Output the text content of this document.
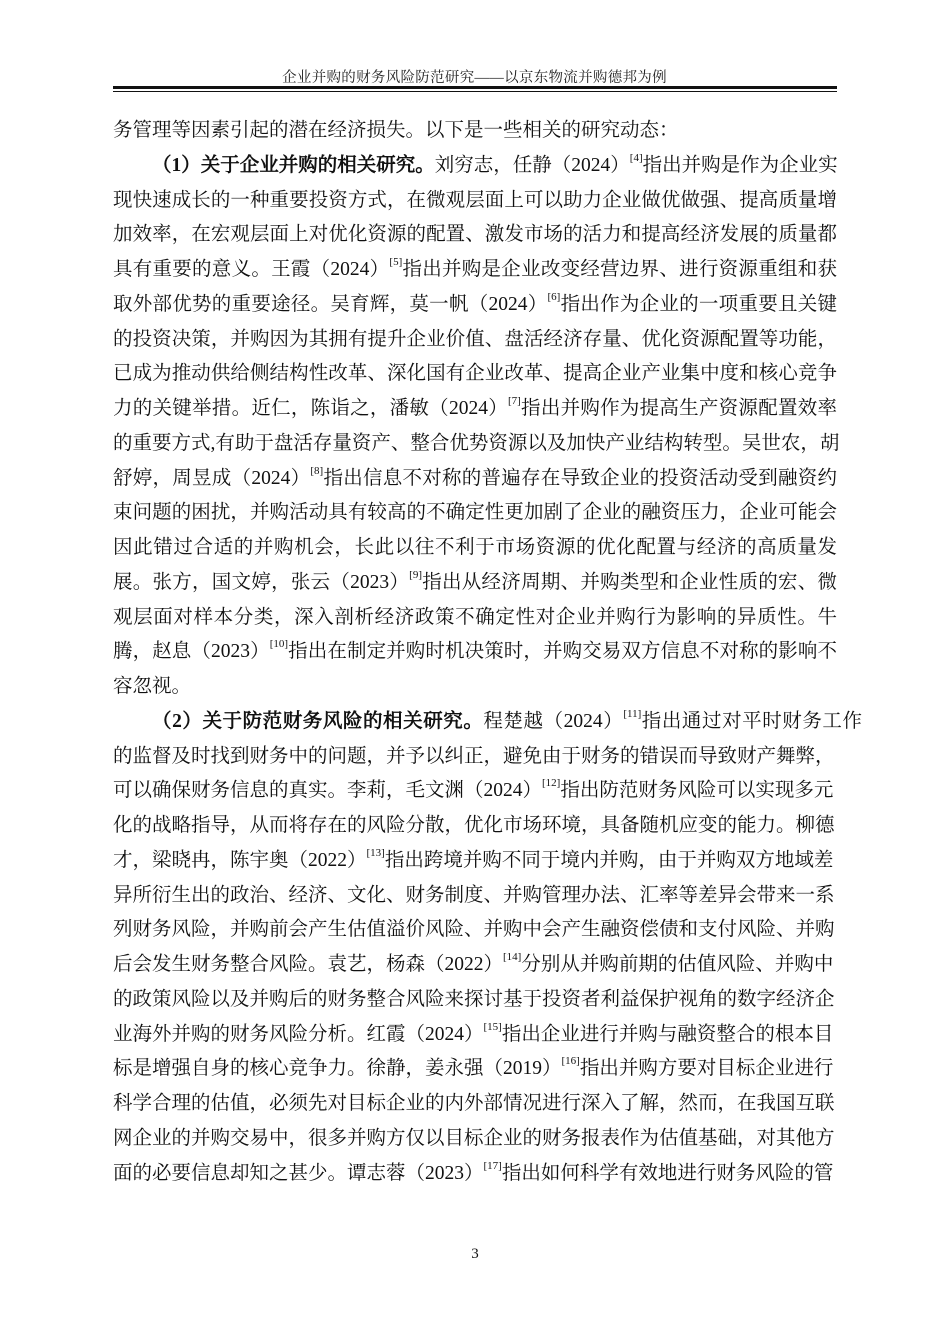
企业并购的财务风险防范研究——以京东物流并购德邦为例
务管理等因素引起的潜在经济损失。以下是一些相关的研究动态：
（1）关于企业并购的相关研究。刘穷志，任静（2024）[4]指出并购是作为企业实
现快速成长的一种重要投资方式，在微观层面上可以助力企业做优做强、提高质量增
加效率，在宏观层面上对优化资源的配置、激发市场的活力和提高经济发展的质量都
具有重要的意义。王霞（2024）[5]指出并购是企业改变经营边界、进行资源重组和获
取外部优势的重要途径。吴育辉，莫一帆（2024）[6]指出作为企业的一项重要且关键
的投资决策，并购因为其拥有提升企业价值、盘活经济存量、优化资源配置等功能，
已成为推动供给侧结构性改革、深化国有企业改革、提高企业产业集中度和核心竞争
力的关键举措。近仁，陈诣之，潘敏（2024）[7]指出并购作为提高生产资源配置效率
的重要方式,有助于盘活存量资产、整合优势资源以及加快产业结构转型。吴世农，胡
舒婷，周昱成（2024）[8]指出信息不对称的普遍存在导致企业的投资活动受到融资约
束问题的困扰，并购活动具有较高的不确定性更加剧了企业的融资压力，企业可能会
因此错过合适的并购机会，长此以往不利于市场资源的优化配置与经济的高质量发
展。张方，国文婷，张云（2023）[9]指出从经济周期、并购类型和企业性质的宏、微
观层面对样本分类，深入剖析经济政策不确定性对企业并购行为影响的异质性。牛
腾，赵息（2023）[10]指出在制定并购时机决策时，并购交易双方信息不对称的影响不
容忽视。
（2）关于防范财务风险的相关研究。程楚越（2024）[11]指出通过对平时财务工作
的监督及时找到财务中的问题，并予以纠正，避免由于财务的错误而导致财产舞弊，
可以确保财务信息的真实。李莉，毛文渊（2024）[12]指出防范财务风险可以实现多元
化的战略指导，从而将存在的风险分散，优化市场环境，具备随机应变的能力。柳德
才，梁晓冉，陈宇奥（2022）[13]指出跨境并购不同于境内并购，由于并购双方地域差
异所衍生出的政治、经济、文化、财务制度、并购管理办法、汇率等差异会带来一系
列财务风险，并购前会产生估值溢价风险、并购中会产生融资偿债和支付风险、并购
后会发生财务整合风险。袁艺，杨森（2022）[14]分别从并购前期的估值风险、并购中
的政策风险以及并购后的财务整合风险来探讨基于投资者利益保护视角的数字经济企
业海外并购的财务风险分析。红霞（2024）[15]指出企业进行并购与融资整合的根本目
标是增强自身的核心竞争力。徐静，姜永强（2019）[16]指出并购方要对目标企业进行
科学合理的估值，必须先对目标企业的内外部情况进行深入了解，然而，在我国互联
网企业的并购交易中，很多并购方仅以目标企业的财务报表作为估值基础，对其他方
面的必要信息却知之甚少。谭志蓉（2023）[17]指出如何科学有效地进行财务风险的管
3
